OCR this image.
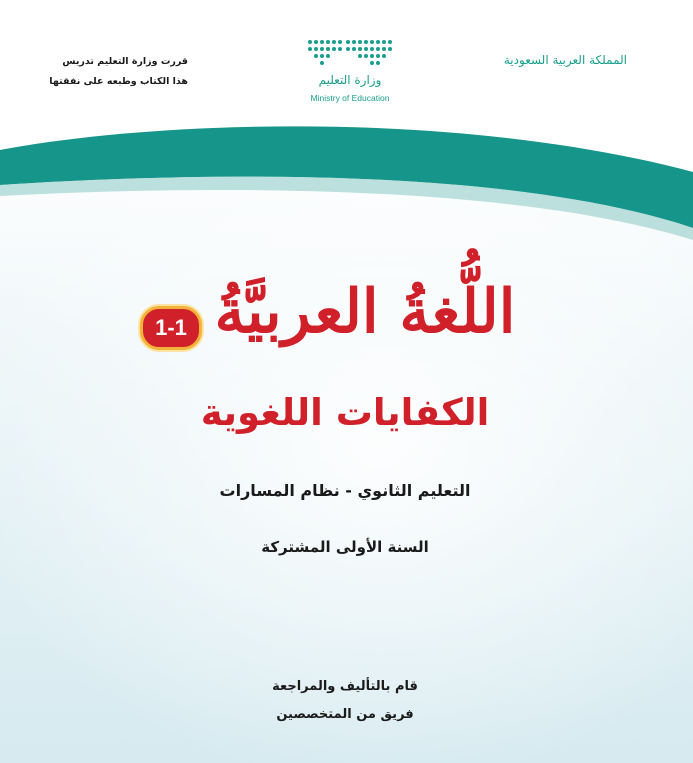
قررت وزارة التعليم تدريس
هذا الكتاب وطبعه على نفقتها	وزارة التعليم
Ministry of Education
المملكة العربية السعودية
اللُّغةُ العربيَّةُ
1-1
الكفايات اللغوية
التعليم الثانوي - نظام المسارات
السنة الأولى المشتركة
قام بالتأليف والمراجعة
فريق من المتخصصين
